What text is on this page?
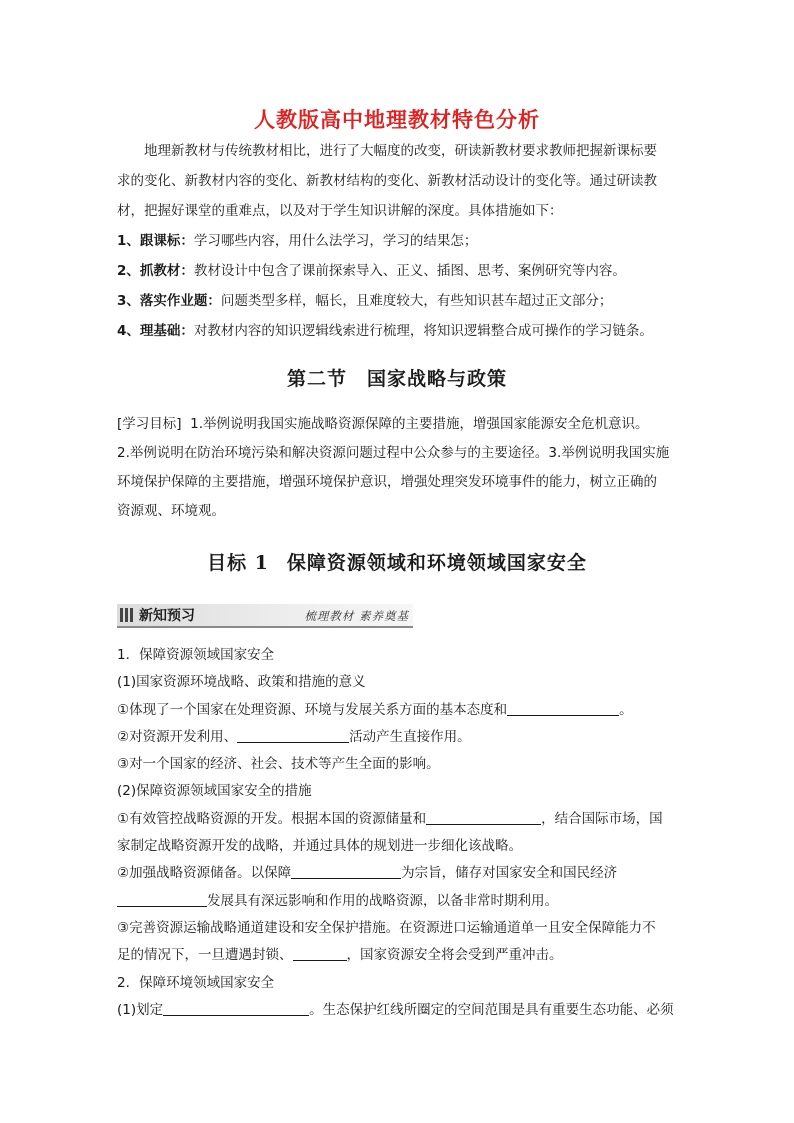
人教版高中地理教材特色分析
地理新教材与传统教材相比，进行了大幅度的改变，研读新教材要求教师把握新课标要
求的变化、新教材内容的变化、新教材结构的变化、新教材活动设计的变化等。通过研读教
材，把握好课堂的重难点，以及对于学生知识讲解的深度。具体措施如下：
1、跟课标：学习哪些内容，用什么法学习，学习的结果怎；
2、抓教材：教材设计中包含了课前探索导入、正义、插图、思考、案例研究等内容。
3、落实作业题：问题类型多样，幅长，且难度较大，有些知识甚车超过正文部分；
4、理基础：对教材内容的知识逻辑线索进行梳理，将知识逻辑整合成可操作的学习链条。
第二节 国家战略与政策
[学习目标] 1.举例说明我国实施战略资源保障的主要措施，增强国家能源安全危机意识。
2.举例说明在防治环境污染和解决资源问题过程中公众参与的主要途径。3.举例说明我国实施
环境保护保障的主要措施，增强环境保护意识，增强处理突发环境事件的能力，树立正确的
资源观、环境观。
目标 1 保障资源领域和环境领域国家安全
新知预习	梳理教材 素养奠基
1．保障资源领域国家安全
(1)国家资源环境战略、政策和措施的意义
①体现了一个国家在处理资源、环境与发展关系方面的基本态度和	。
②对资源开发利用、	活动产生直接作用。
③对一个国家的经济、社会、技术等产生全面的影响。
(2)保障资源领域国家安全的措施
①有效管控战略资源的开发。根据本国的资源储量和	，结合国际市场，国
家制定战略资源开发的战略，并通过具体的规划进一步细化该战略。
②加强战略资源储备。以保障	为宗旨，储存对国家安全和国民经济
发展具有深远影响和作用的战略资源，以备非常时期利用。
③完善资源运输战略通道建设和安全保护措施。在资源进口运输通道单一且安全保障能力不
足的情况下，一旦遭遇封锁、	，国家资源安全将会受到严重冲击。
2．保障环境领域国家安全
(1)划定	。生态保护红线所圈定的空间范围是具有重要生态功能、必须
